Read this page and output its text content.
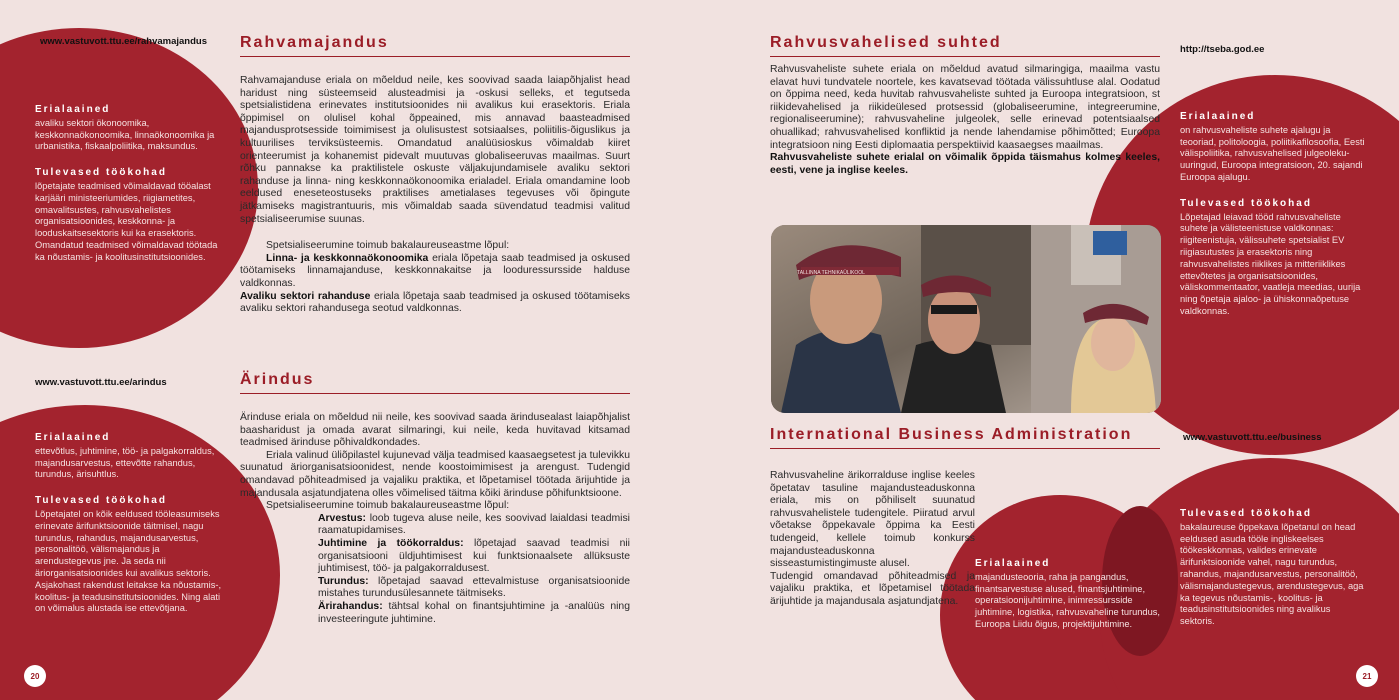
www.vastuvott.ttu.ee/rahvamajandus Rahvamajandus
Erialaained

avaliku sektori ökonoomika, keskkonnaökonoomika, linnaökonoomika ja urbanistika, fiskaalpoliitika, maksundus.

Tulevased töökohad

lõpetajate teadmised võimaldavad tööalast karjääri ministeeriumides, riigiametites, omavalitsustes, rahvusvahelistes organisatsioonides, keskkonna- ja looduskaitsesektoris kui ka erasektoris. Omandatud teadmised võimaldavad töötada ka nõustamis- ja koolitusinstitutsioonides.

Rahvamajanduse eriala on mõeldud neile, kes soovivad saada laiapõhjalist head haridust ning süsteemseid alusteadmisi ja -oskusi selleks, et tegutseda spetsialistidena erinevates institutsioonides nii avalikus kui erasektoris. Eriala õppimisel on olulisel kohal õppeained, mis annavad baasteadmised majandusprotsesside toimimisest ja olulisustest sotsiaalses, poliitilis-õiguslikus ja kultuurilises terviksüsteemis. Omandatud analüüsioskus võimaldab kiiret orienteerumist ja kohanemist pidevalt muutuvas globaliseeruvas maailmas. Suurt rõhku pannakse ka praktilistele oskuste väljakujundamisele avaliku sektori rahanduse ja linna- ning keskkonnaökonoomika erialadel. Eriala omandamine loob eeldused eneseteostuseks praktilises ametialases tegevuses või õpingute jätkamiseks magistrantuuris, mis võimaldab saada süvendatud teadmisi valitud spetsialiseerumise suunas.

Spetsialiseerumine toimub bakalaureuseastme lõpul:

Linna- ja keskkonnaökonoomika eriala lõpetaja saab teadmised ja oskused töötamiseks linnamajanduse, keskkonnakaitse ja looduressursside halduse valdkonnas.

Avaliku sektori rahanduse eriala lõpetaja saab teadmised ja oskused töötamiseks avaliku sektori rahandusega seotud valdkonnas.

www.vastuvott.ttu.ee/arindus	Ärindus
Erialaained

ettevõtlus, juhtimine, töö- ja palgakorraldus, majandusarvestus, ettevõtte rahandus, turundus, ärisuhtlus.

Tulevased töökohad

Lõpetajatel on kõik eeldused tööleasumiseks erinevate ärifunktsioonide täitmisel, nagu turundus, rahandus, majandusarvestus, personalitöö, välismajandus ja arendustegevus jne. Ja seda nii äriorganisatsioonides kui avalikus sektoris. Asjakohast rakendust leitakse ka nõustamis-, koolitus- ja teadusinstitutsioonides. Ning alati on võimalus alustada ise ettevõtjana.

Ärinduse eriala on mõeldud nii neile, kes soovivad saada ärindusealast laiapõhjalist baasharidust ja omada avarat silmaringi, kui neile, keda huvitavad kitsamad teadmised ärinduse põhivaldkondades.

Eriala valinud üliõpilastel kujunevad välja teadmised kaasaegsetest ja tulevikku suunatud äriorganisatsioonidest, nende koostoimimisest ja arengust. Tudengid omandavad põhiteadmised ja vajaliku praktika, et lõpetamisel töötada ärijuhtide ja majandusala asjatundjatena olles võimelised täitma kõiki ärinduse põhifunktsioone.

Spetsialiseerumine toimub bakalaureuseastme lõpul:

Arvestus: loob tugeva aluse neile, kes soovivad laialdasi teadmisi raamatupidamises.

Juhtimine ja töökorraldus: lõpetajad saavad teadmisi nii organisatsiooni üldjuhtimisest kui funktsionaalsete allüksuste juhtimisest, töö- ja palgakorraldusest.

Turundus: lõpetajad saavad ettevalmistuse organisatsioonide mistahes turundusülesannete täitmiseks.

Ärirahandus: tähtsal kohal on finantsjuhtimine ja -analüüs ning investeeringute juhtimine.

20
Rahvusvahelised suhted	http://tseba.god.ee

Rahvusvaheliste suhete eriala on mõeldud avatud silmaringiga, maailma vastu elavat huvi tundvatele noortele, kes kavatsevad töötada välissuhtluse alal. Oodatud on õppima need, keda huvitab rahvusvaheliste suhted ja Euroopa integratsioon, st riikidevahelised ja riikideülesed protsessid (globaliseerumine, integreerumine, regionaliseerumine); rahvusvaheline julgeolek, selle erinevad potentsiaalsed ohuallikad; rahvusvahelised konfliktid ja nende lahendamise põhimõtted; Euroopa integratsioon ning Eesti diplomaatia perspektiivid kaasaegses maailmas.

Rahvusvaheliste suhete erialal on võimalik õppida täismahus kolmes keeles, eesti, vene ja inglise keeles.

Erialaained

on rahvusvaheliste suhete ajalugu ja teooriad, politoloogia, poliitikafilosoofia, Eesti välispoliitika, rahvusvahelised julgeoleku-uuringud, Euroopa integratsioon, 20. sajandi Euroopa ajalugu.

Tulevased töökohad

Lõpetajad leiavad tööd rahvusvaheliste suhete ja välisteenistuse valdkonnas: riigiteenistuja, välissuhete spetsialist EV riigiasutustes ja erasektoris ning rahvusvahelistes riiklikes ja mitteriiklikes ettevõtetes ja organisatsioonides, väliskommentaator, vaatleja meedias, uurija ning õpetaja ajaloo- ja ühiskonnaõpetuse valdkonnas.

TALLINNA TEHNIKAÜLIKOOL
International Business Administration	www.vastuvott.ttu.ee/business

Rahvusvaheline ärikorralduse inglise keeles õpetatav tasuline majandusteaduskonna eriala, mis on põhiliselt suunatud rahvusvahelistele tudengitele. Piiratud arvul võetakse õppekavale õppima ka Eesti tudengeid, kellele toimub konkurss majandusteaduskonna sisseastumistingimuste alusel.

Tudengid omandavad põhiteadmised ja vajaliku praktika, et lõpetamisel töötada ärijuhtide ja majandusala asjatundjatena.

Erialaained

majandusteooria, raha ja pangandus, finantsarvestuse alused, finantsjuhtimine, operatsioonijuhtimine, inimressursside juhtimine, logistika, rahvusvaheline turundus, Euroopa Liidu õigus, projektijuhtimine.

Tulevased töökohad

bakalaureuse õppekava lõpetanul on head eeldused asuda tööle ingliskeelses töökeskkonnas, valides erinevate ärifunktsioonide vahel, nagu turundus, rahandus, majandusarvestus, personalitöö, välismajandustegevus, arendustegevus, aga ka tegevus nõustamis-, koolitus- ja teadusinstitutsioonides ning avalikus sektoris.

21
